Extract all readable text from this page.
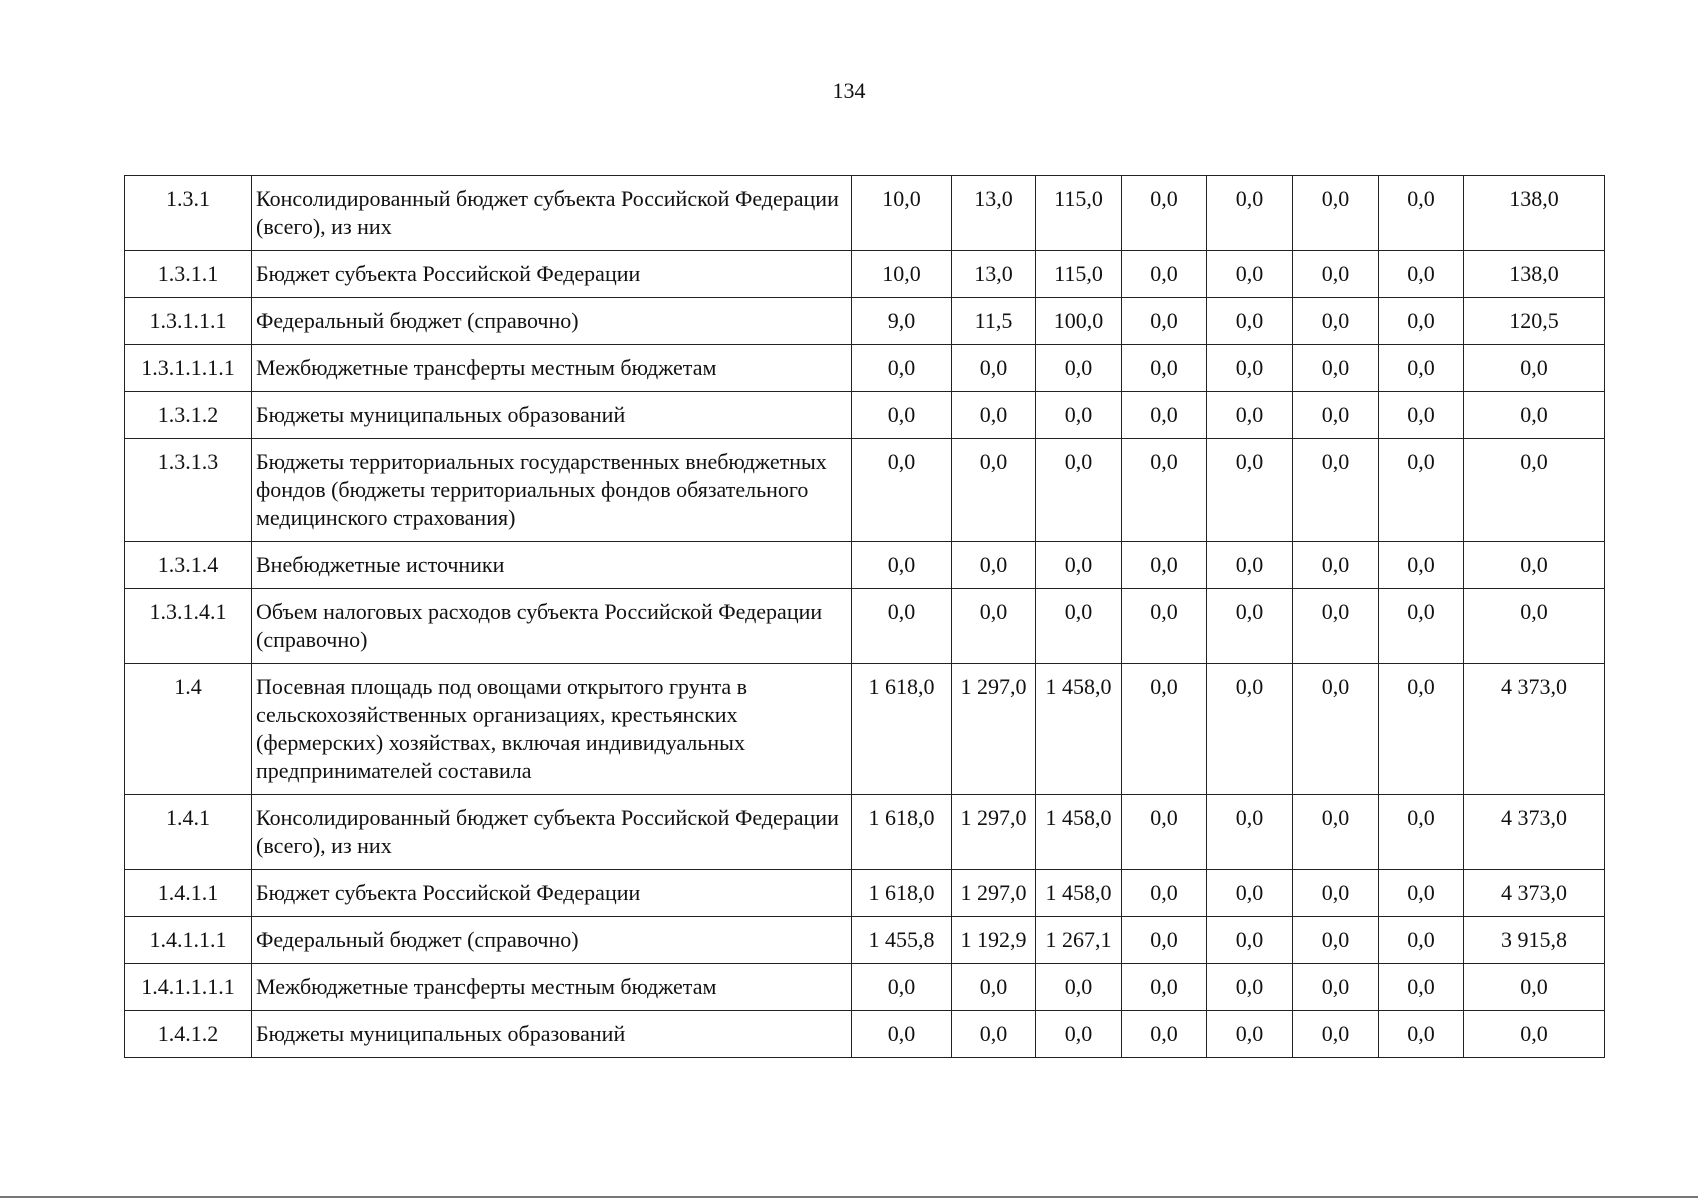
134
1.3.1	Консолидированный бюджет субъекта Российской Федерации (всего), из них	10,0	13,0	115,0	0,0	0,0	0,0	0,0	138,0
1.3.1.1	Бюджет субъекта Российской Федерации	10,0	13,0	115,0	0,0	0,0	0,0	0,0	138,0
1.3.1.1.1	Федеральный бюджет (справочно)	9,0	11,5	100,0	0,0	0,0	0,0	0,0	120,5
1.3.1.1.1.1	Межбюджетные трансферты местным бюджетам	0,0	0,0	0,0	0,0	0,0	0,0	0,0	0,0
1.3.1.2	Бюджеты муниципальных образований	0,0	0,0	0,0	0,0	0,0	0,0	0,0	0,0
1.3.1.3	Бюджеты территориальных государственных внебюджетных фондов (бюджеты территориальных фондов обязательного медицинского страхования)	0,0	0,0	0,0	0,0	0,0	0,0	0,0	0,0
1.3.1.4	Внебюджетные источники	0,0	0,0	0,0	0,0	0,0	0,0	0,0	0,0
1.3.1.4.1	Объем налоговых расходов субъекта Российской Федерации (справочно)	0,0	0,0	0,0	0,0	0,0	0,0	0,0	0,0
1.4	Посевная площадь под овощами открытого грунта в сельскохозяйственных организациях, крестьянских (фермерских) хозяйствах, включая индивидуальных предпринимателей составила	1 618,0	1 297,0	1 458,0	0,0	0,0	0,0	0,0	4 373,0
1.4.1	Консолидированный бюджет субъекта Российской Федерации (всего), из них	1 618,0	1 297,0	1 458,0	0,0	0,0	0,0	0,0	4 373,0
1.4.1.1	Бюджет субъекта Российской Федерации	1 618,0	1 297,0	1 458,0	0,0	0,0	0,0	0,0	4 373,0
1.4.1.1.1	Федеральный бюджет (справочно)	1 455,8	1 192,9	1 267,1	0,0	0,0	0,0	0,0	3 915,8
1.4.1.1.1.1	Межбюджетные трансферты местным бюджетам	0,0	0,0	0,0	0,0	0,0	0,0	0,0	0,0
1.4.1.2	Бюджеты муниципальных образований	0,0	0,0	0,0	0,0	0,0	0,0	0,0	0,0
